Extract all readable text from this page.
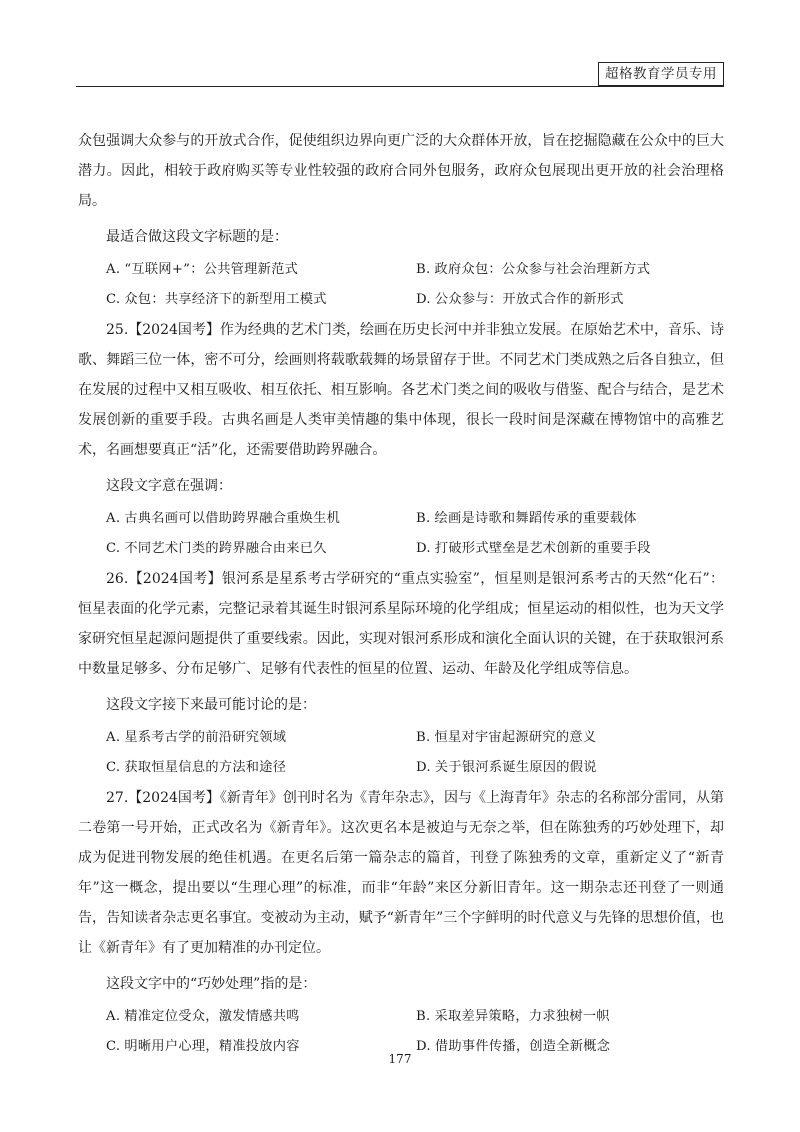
超格教育学员专用

众包强调大众参与的开放式合作，促使组织边界向更广泛的大众群体开放，旨在挖掘隐藏在公众中的巨大潜力。因此，相较于政府购买等专业性较强的政府合同外包服务，政府众包展现出更开放的社会治理格局。

最适合做这段文字标题的是：
A. “互联网+”：公共管理新范式	B. 政府众包：公众参与社会治理新方式
C. 众包：共享经济下的新型用工模式	D. 公众参与：开放式合作的新形式

25.【2024国考】作为经典的艺术门类，绘画在历史长河中并非独立发展。在原始艺术中，音乐、诗歌、舞蹈三位一体，密不可分，绘画则将载歌载舞的场景留存于世。不同艺术门类成熟之后各自独立，但在发展的过程中又相互吸收、相互依托、相互影响。各艺术门类之间的吸收与借鉴、配合与结合，是艺术发展创新的重要手段。古典名画是人类审美情趣的集中体现，很长一段时间是深藏在博物馆中的高雅艺术，名画想要真正“活”化，还需要借助跨界融合。

这段文字意在强调：
A. 古典名画可以借助跨界融合重焕生机	B. 绘画是诗歌和舞蹈传承的重要载体
C. 不同艺术门类的跨界融合由来已久	D. 打破形式壁垒是艺术创新的重要手段

26.【2024国考】银河系是星系考古学研究的“重点实验室”，恒星则是银河系考古的天然“化石”：恒星表面的化学元素，完整记录着其诞生时银河系星际环境的化学组成；恒星运动的相似性，也为天文学家研究恒星起源问题提供了重要线索。因此，实现对银河系形成和演化全面认识的关键，在于获取银河系中数量足够多、分布足够广、足够有代表性的恒星的位置、运动、年龄及化学组成等信息。

这段文字接下来最可能讨论的是：
A. 星系考古学的前沿研究领域	B. 恒星对宇宙起源研究的意义
C. 获取恒星信息的方法和途径	D. 关于银河系诞生原因的假说

27.【2024国考】《新青年》创刊时名为《青年杂志》，因与《上海青年》杂志的名称部分雷同，从第二卷第一号开始，正式改名为《新青年》。这次更名本是被迫与无奈之举，但在陈独秀的巧妙处理下，却成为促进刊物发展的绝佳机遇。在更名后第一篇杂志的篇首，刊登了陈独秀的文章，重新定义了“新青年”这一概念，提出要以“生理心理”的标准，而非“年龄”来区分新旧青年。这一期杂志还刊登了一则通告，告知读者杂志更名事宜。变被动为主动，赋予“新青年”三个字鲜明的时代意义与先锋的思想价值，也让《新青年》有了更加精准的办刊定位。

这段文字中的“巧妙处理”指的是：
A. 精准定位受众，激发情感共鸣	B. 采取差异策略，力求独树一帜
C. 明晰用户心理，精准投放内容	D. 借助事件传播，创造全新概念
177
